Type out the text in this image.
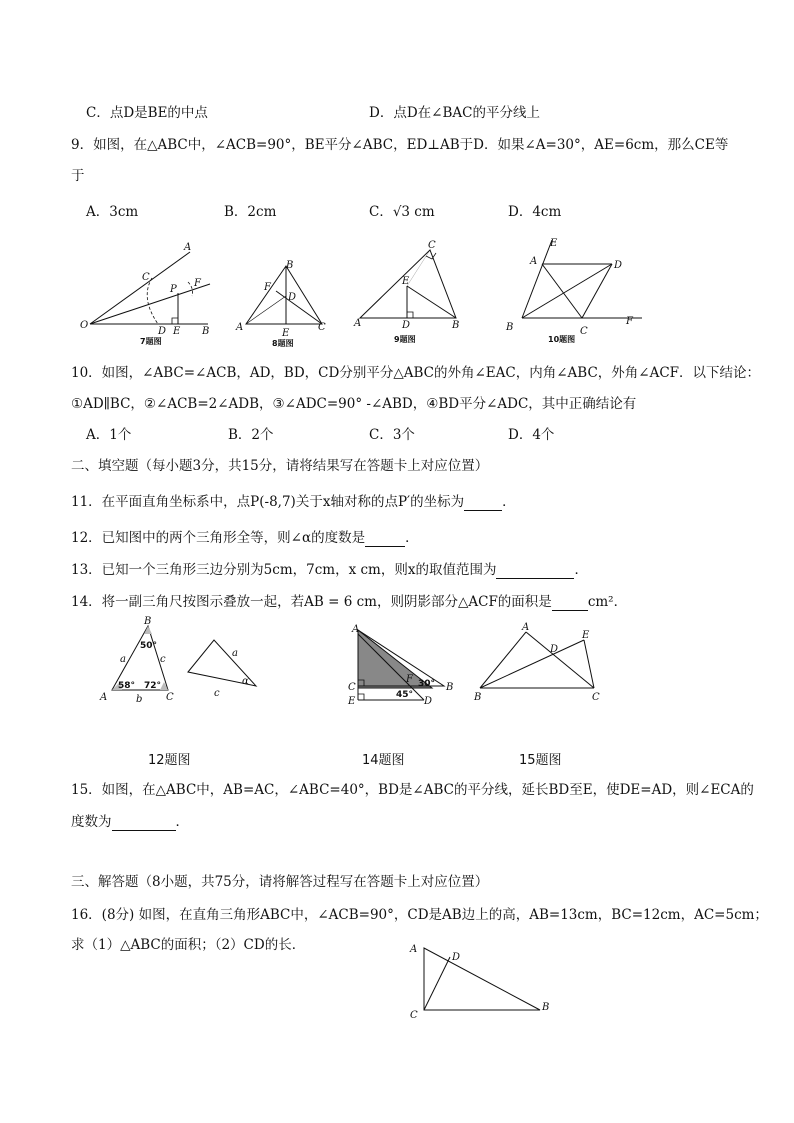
C．点D是BE的中点	D．点D在∠BAC的平分线上
9．如图，在△ABC中，∠ACB=90°，BE平分∠ABC，ED⊥AB于D．如果∠A=30°，AE=6cm，那么CE等
于
A．3cm	B．2cm	C．√3 cm	D．4cm
O
A
C
P
F
D E B
7题图
B
F
D
A
E
C
8题图
C
E
A	D	B
9题图
E
A	D
B	C
F
10题图
10．如图，∠ABC=∠ACB，AD，BD，CD分别平分△ABC的外角∠EAC，内角∠ABC，外角∠ACF．以下结论：
①AD∥BC，②∠ACB=2∠ADB，③∠ADC=90° -∠ABD，④BD平分∠ADC，其中正确结论有
A．1个	B．2个	C．3个	D．4个
二、填空题（每小题3分，共15分，请将结果写在答题卡上对应位置）
11．在平面直角坐标系中，点P(-8,7)关于x轴对称的点P′的坐标为	．
12．已知图中的两个三角形全等，则∠α的度数是	．
13．已知一个三角形三边分别为5cm，7cm，x cm，则x的取值范围为	．
14．将一副三角尺按图示叠放一起，若AB = 6 cm，则阴影部分△ACF的面积是	cm²．
B
a	c
A	b C
50°
58° 72°
a
c
α
A
C
F
B
E	D
30°
45°
A
D
E
B	C
12题图	14题图	15题图
15．如图，在△ABC中，AB=AC，∠ABC=40°，BD是∠ABC的平分线，延长BD至E，使DE=AD，则∠ECA的
度数为	．
三、解答题（8小题，共75分，请将解答过程写在答题卡上对应位置）
16．(8分) 如图，在直角三角形ABC中，∠ACB=90°，CD是AB边上的高，AB=13cm，BC=12cm，AC=5cm；
求（1）△ABC的面积；（2）CD的长．	A
D
C
B
